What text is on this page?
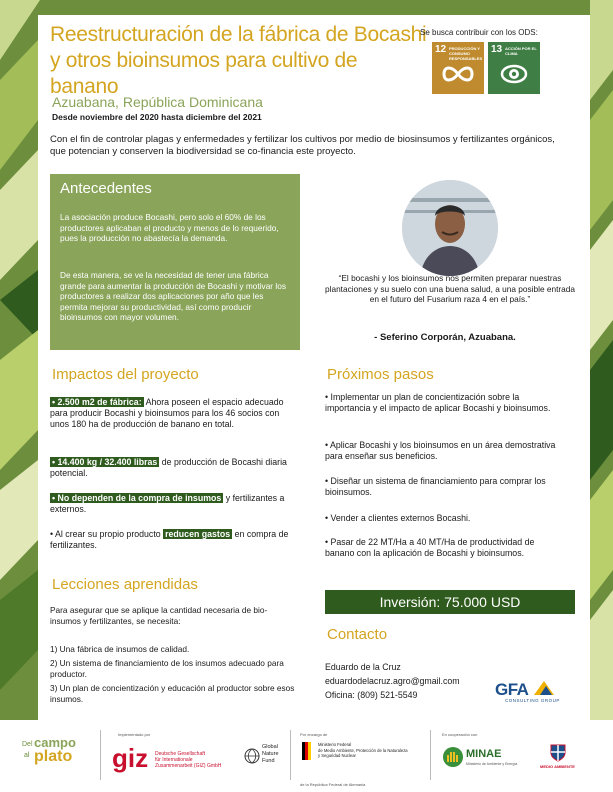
Reestructuración de la fábrica de Bocashi
y otros bioinsumos para cultivo de banano
Azuabana, República Dominicana
Desde noviembre del 2020 hasta diciembre del 2021
Se busca contribuir con los ODS:
12 PRODUCCIÓN Y CONSUMO RESPONSABLES
13 ACCIÓN POR EL CLIMA
Con el fin de controlar plagas y enfermedades y fertilizar los cultivos por medio de biosinsumos y fertilizantes orgánicos, que potencian y conserven la biodiversidad se co-financia este proyecto.
Antecedentes
La asociación produce Bocashi, pero solo el 60% de los productores aplicaban el producto y menos de lo requerido, pues la producción no abastecía la demanda.
De esta manera, se ve la necesidad de tener una fábrica grande para aumentar la producción de Bocashi y motivar los productores a realizar dos aplicaciones por año que les permita mejorar su productividad, así como producir bioinsumos con mayor volumen.
“El bocashi y los bioinsumos nos permiten preparar nuestras plantaciones y su suelo con una buena salud, a una posible entrada en el futuro del Fusarium raza 4 en el país.”
- Seferino Corporán, Azuabana.
Impactos del proyecto
• 2.500 m2 de fábrica: Ahora poseen el espacio adecuado para producir Bocashi y bioinsumos para los 46 socios con unos 180 ha de producción de banano en total.
• 14.400 kg / 32.400 libras de producción de Bocashi diaria potencial.
• No dependen de la compra de insumos y fertilizantes a externos.
• Al crear su propio producto reducen gastos en compra de fertilizantes.
Lecciones aprendidas
Para asegurar que se aplique la cantidad necesaria de bio-insumos y fertilizantes, se necesita:
1) Una fábrica de insumos de calidad.
2) Un sistema de financiamiento de los insumos adecuado para productor.
3) Un plan de concientización y educación al productor sobre esos insumos.
Próximos pasos
• Implementar un plan de concientización sobre la importancia y el impacto de aplicar Bocashi y bioinsumos.
• Aplicar Bocashi y los bioinsumos en un área demostrativa para enseñar sus beneficios.
• Diseñar un sistema de financiamiento para comprar los bioinsumos.
• Vender a clientes externos Bocashi.
• Pasar de 22 MT/Ha a 40 MT/Ha de productividad de banano con la aplicación de Bocashi y bioinsumos.
Inversión: 75.000 USD
Contacto
Eduardo de la Cruz
eduardodelacruz.agro@gmail.com
Oficina: (809) 521-5549	GFA
CONSULTING GROUP
Del campo
al plato
Implementado por
giz Deutsche Gesellschaft
für Internationale
Zusammenarbeit (GIZ) GmbH
Global
Nature
Fund
Por encargo de
Ministerio Federal
de Medio Ambiente, Protección de la Naturaleza
y Seguridad Nuclear
de la República Federal de Alemania
En cooperación con
MINAE
Ministerio de Ambiente y Energía	MEDIO AMBIENTE
